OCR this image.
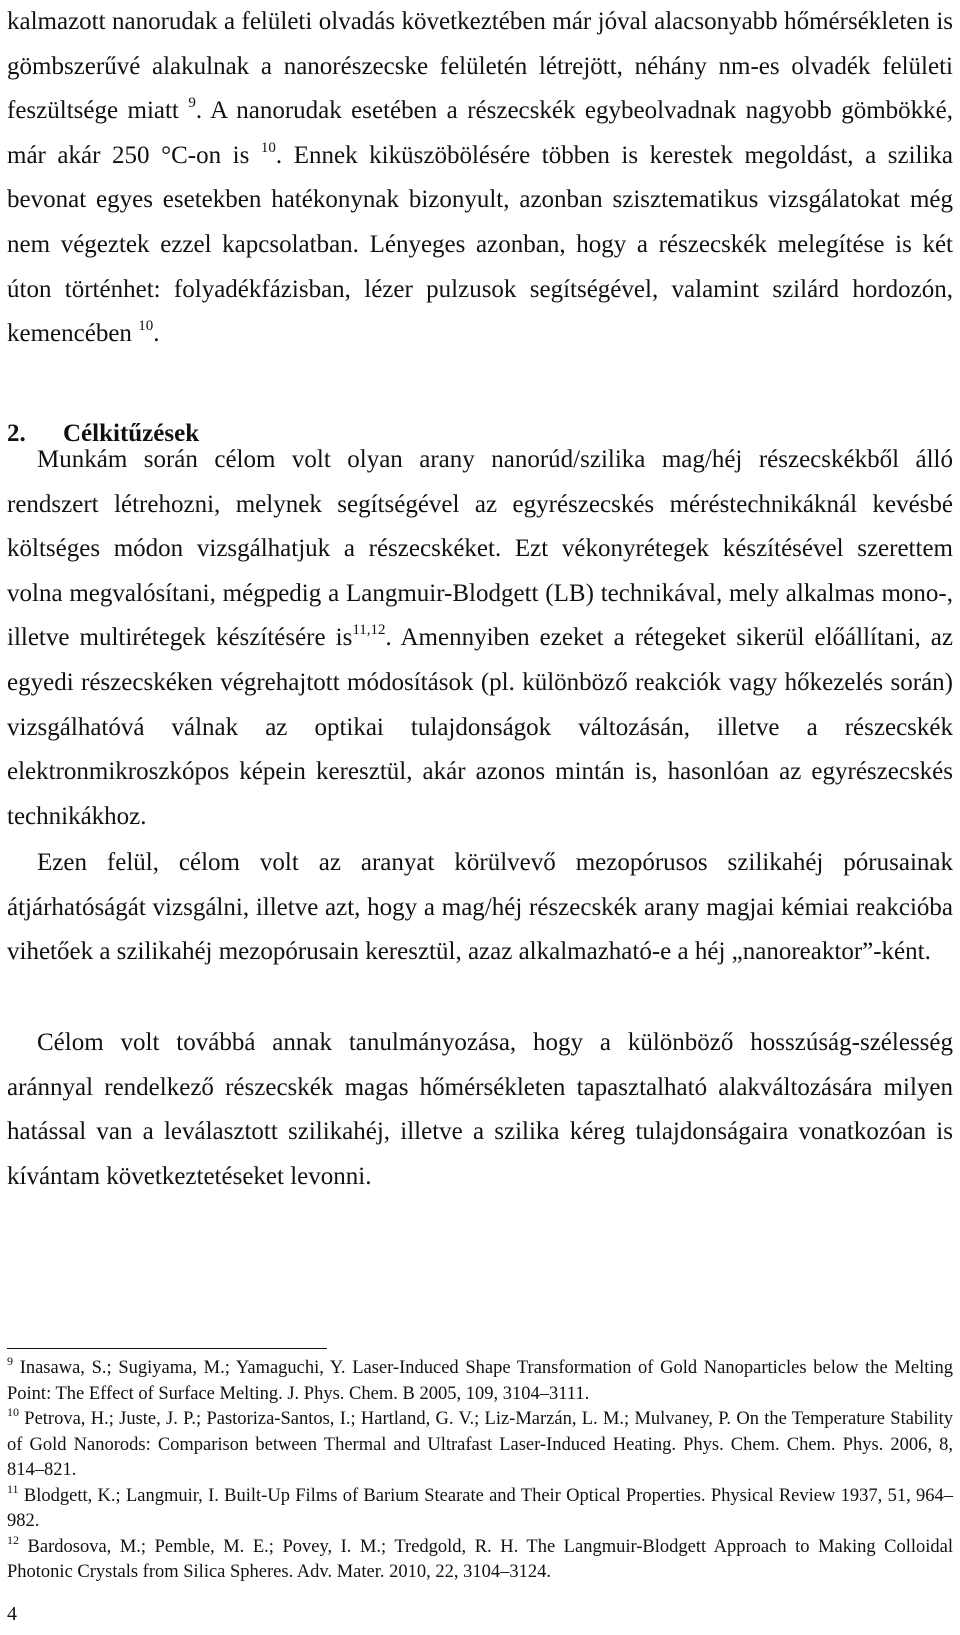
kalmazott nanorudak a felületi olvadás következtében már jóval alacsonyabb hőmérsékleten is gömbszerűvé alakulnak a nanorészecske felületén létrejött, néhány nm-es olvadék felületi feszültsége miatt $^9$. A nanorudak esetében a részecskék egybeolvadnak nagyobb gömbökké, már akár 250 °C-on is $^{10}$. Ennek kiküszöbölésére többen is kerestek megoldást, a szilika bevonat egyes esetekben hatékonynak bizonyult, azonban szisztematikus vizsgálatokat még nem végeztek ezzel kapcsolatban. Lényeges azonban, hogy a részecskék melegítése is két úton történhet: folyadékfázisban, lézer pulzusok segítségével, valamint szilárd hordozón, kemencében $^{10}$.

2. Célkitűzések

Munkám során célom volt olyan arany nanorúd/szilika mag/héj részecskékből álló rendszert létrehozni, melynek segítségével az egyrészecskés méréstechnikáknál kevésbé költséges módon vizsgálhatjuk a részecskéket. Ezt vékonyrétegek készítésével szerettem volna megvalósítani, mégpedig a Langmuir-Blodgett (LB) technikával, mely alkalmas mono-, illetve multirétegek készítésére is$^{11,12}$. Amennyiben ezeket a rétegeket sikerül előállítani, az egyedi részecskéken végrehajtott módosítások (pl. különböző reakciók vagy hőkezelés során) vizsgálhatóvá válnak az optikai tulajdonságok változásán, illetve a részecskék elektronmikroszkópos képein keresztül, akár azonos mintán is, hasonlóan az egyrészecskés technikákhoz.

Ezen felül, célom volt az aranyat körülvevő mezopórusos szilikahéj pórusainak átjárhatóságát vizsgálni, illetve azt, hogy a mag/héj részecskék arany magjai kémiai reakcióba vihetőek a szilikahéj mezopórusain keresztül, azaz alkalmazható-e a héj „nanoreaktor”-ként.

Célom volt továbbá annak tanulmányozása, hogy a különböző hosszúság-szélesség aránnyal rendelkező részecskék magas hőmérsékleten tapasztalható alakváltozására milyen hatással van a leválasztott szilikahéj, illetve a szilika kéreg tulajdonságaira vonatkozóan is kívántam következtetéseket levonni.

$^9$ Inasawa, S.; Sugiyama, M.; Yamaguchi, Y. Laser-Induced Shape Transformation of Gold Nanoparticles below the Melting Point: The Effect of Surface Melting. J. Phys. Chem. B 2005, 109, 3104–3111.

$^{10}$ Petrova, H.; Juste, J. P.; Pastoriza-Santos, I.; Hartland, G. V.; Liz-Marzán, L. M.; Mulvaney, P. On the Temperature Stability of Gold Nanorods: Comparison between Thermal and Ultrafast Laser-Induced Heating. Phys. Chem. Chem. Phys. 2006, 8, 814–821.

$^{11}$ Blodgett, K.; Langmuir, I. Built-Up Films of Barium Stearate and Their Optical Properties. Physical Review 1937, 51, 964–982.

$^{12}$ Bardosova, M.; Pemble, M. E.; Povey, I. M.; Tredgold, R. H. The Langmuir-Blodgett Approach to Making Colloidal Photonic Crystals from Silica Spheres. Adv. Mater. 2010, 22, 3104–3124.

4
